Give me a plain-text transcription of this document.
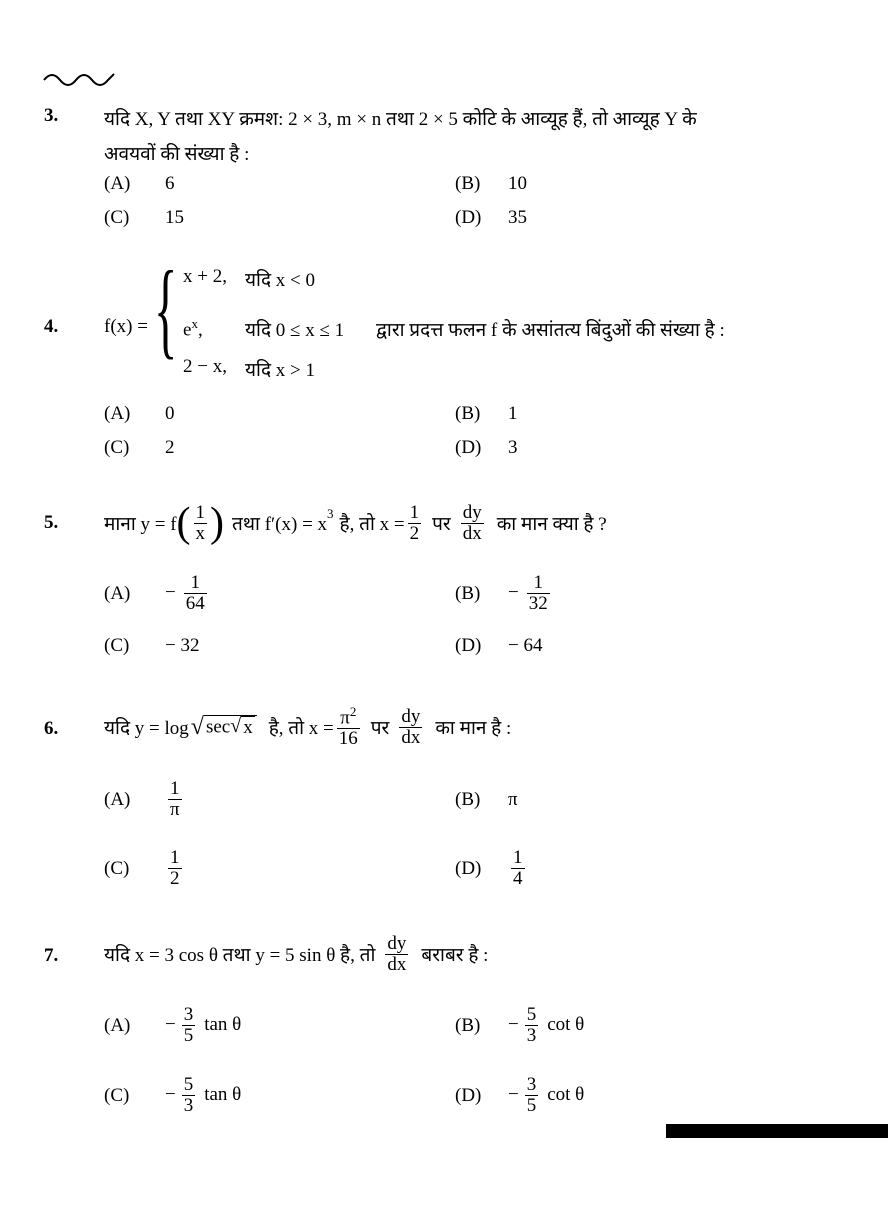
3. यदि X, Y तथा XY क्रमश: 2 × 3, m × n तथा 2 × 5 कोटि के आव्यूह हैं, तो आव्यूह Y के
अवयवों की संख्या है :
(A) 6	(B) 10
(C) 15	(D) 35
4. f(x) = { x + 2, यदि x < 0
$e^x$, यदि 0 ≤ x ≤ 1 द्वारा प्रदत्त फलन f के असांतत्य बिंदुओं की संख्या है :
2 − x, यदि x > 1
(A) 0	(B) 1
(C) 2	(D) 3
5. माना y = f ( $\frac{1}{x}$ ) तथा f′(x) = x
$^3$
है, तो $x = \frac{1}{2}$ पर $\frac{dy}{dx}$ का मान क्या है ?
$(A) - \frac{1}{64}$	$(B) - \frac{1}{32}$
(C) − 32	(D) − 64
6. यदि y = log √ sec √ x है, तो $x = \frac{\pi^2}{16}$ पर $\frac{dy}{dx}$ का मान है :
$(A) \frac{1}{\pi}$	(B) π
$(C) \frac{1}{2}$	$(D) \frac{1}{4}$
7. यदि x = 3 cos θ तथा y = 5 sin θ है, तो $\frac{dy}{dx}$ बराबर है :
$(A) - \frac{3}{5}$ tan θ	$(B) - \frac{5}{3}$ cot θ
$(C) - \frac{5}{3}$ tan θ	$(D) - \frac{3}{5}$ cot θ
